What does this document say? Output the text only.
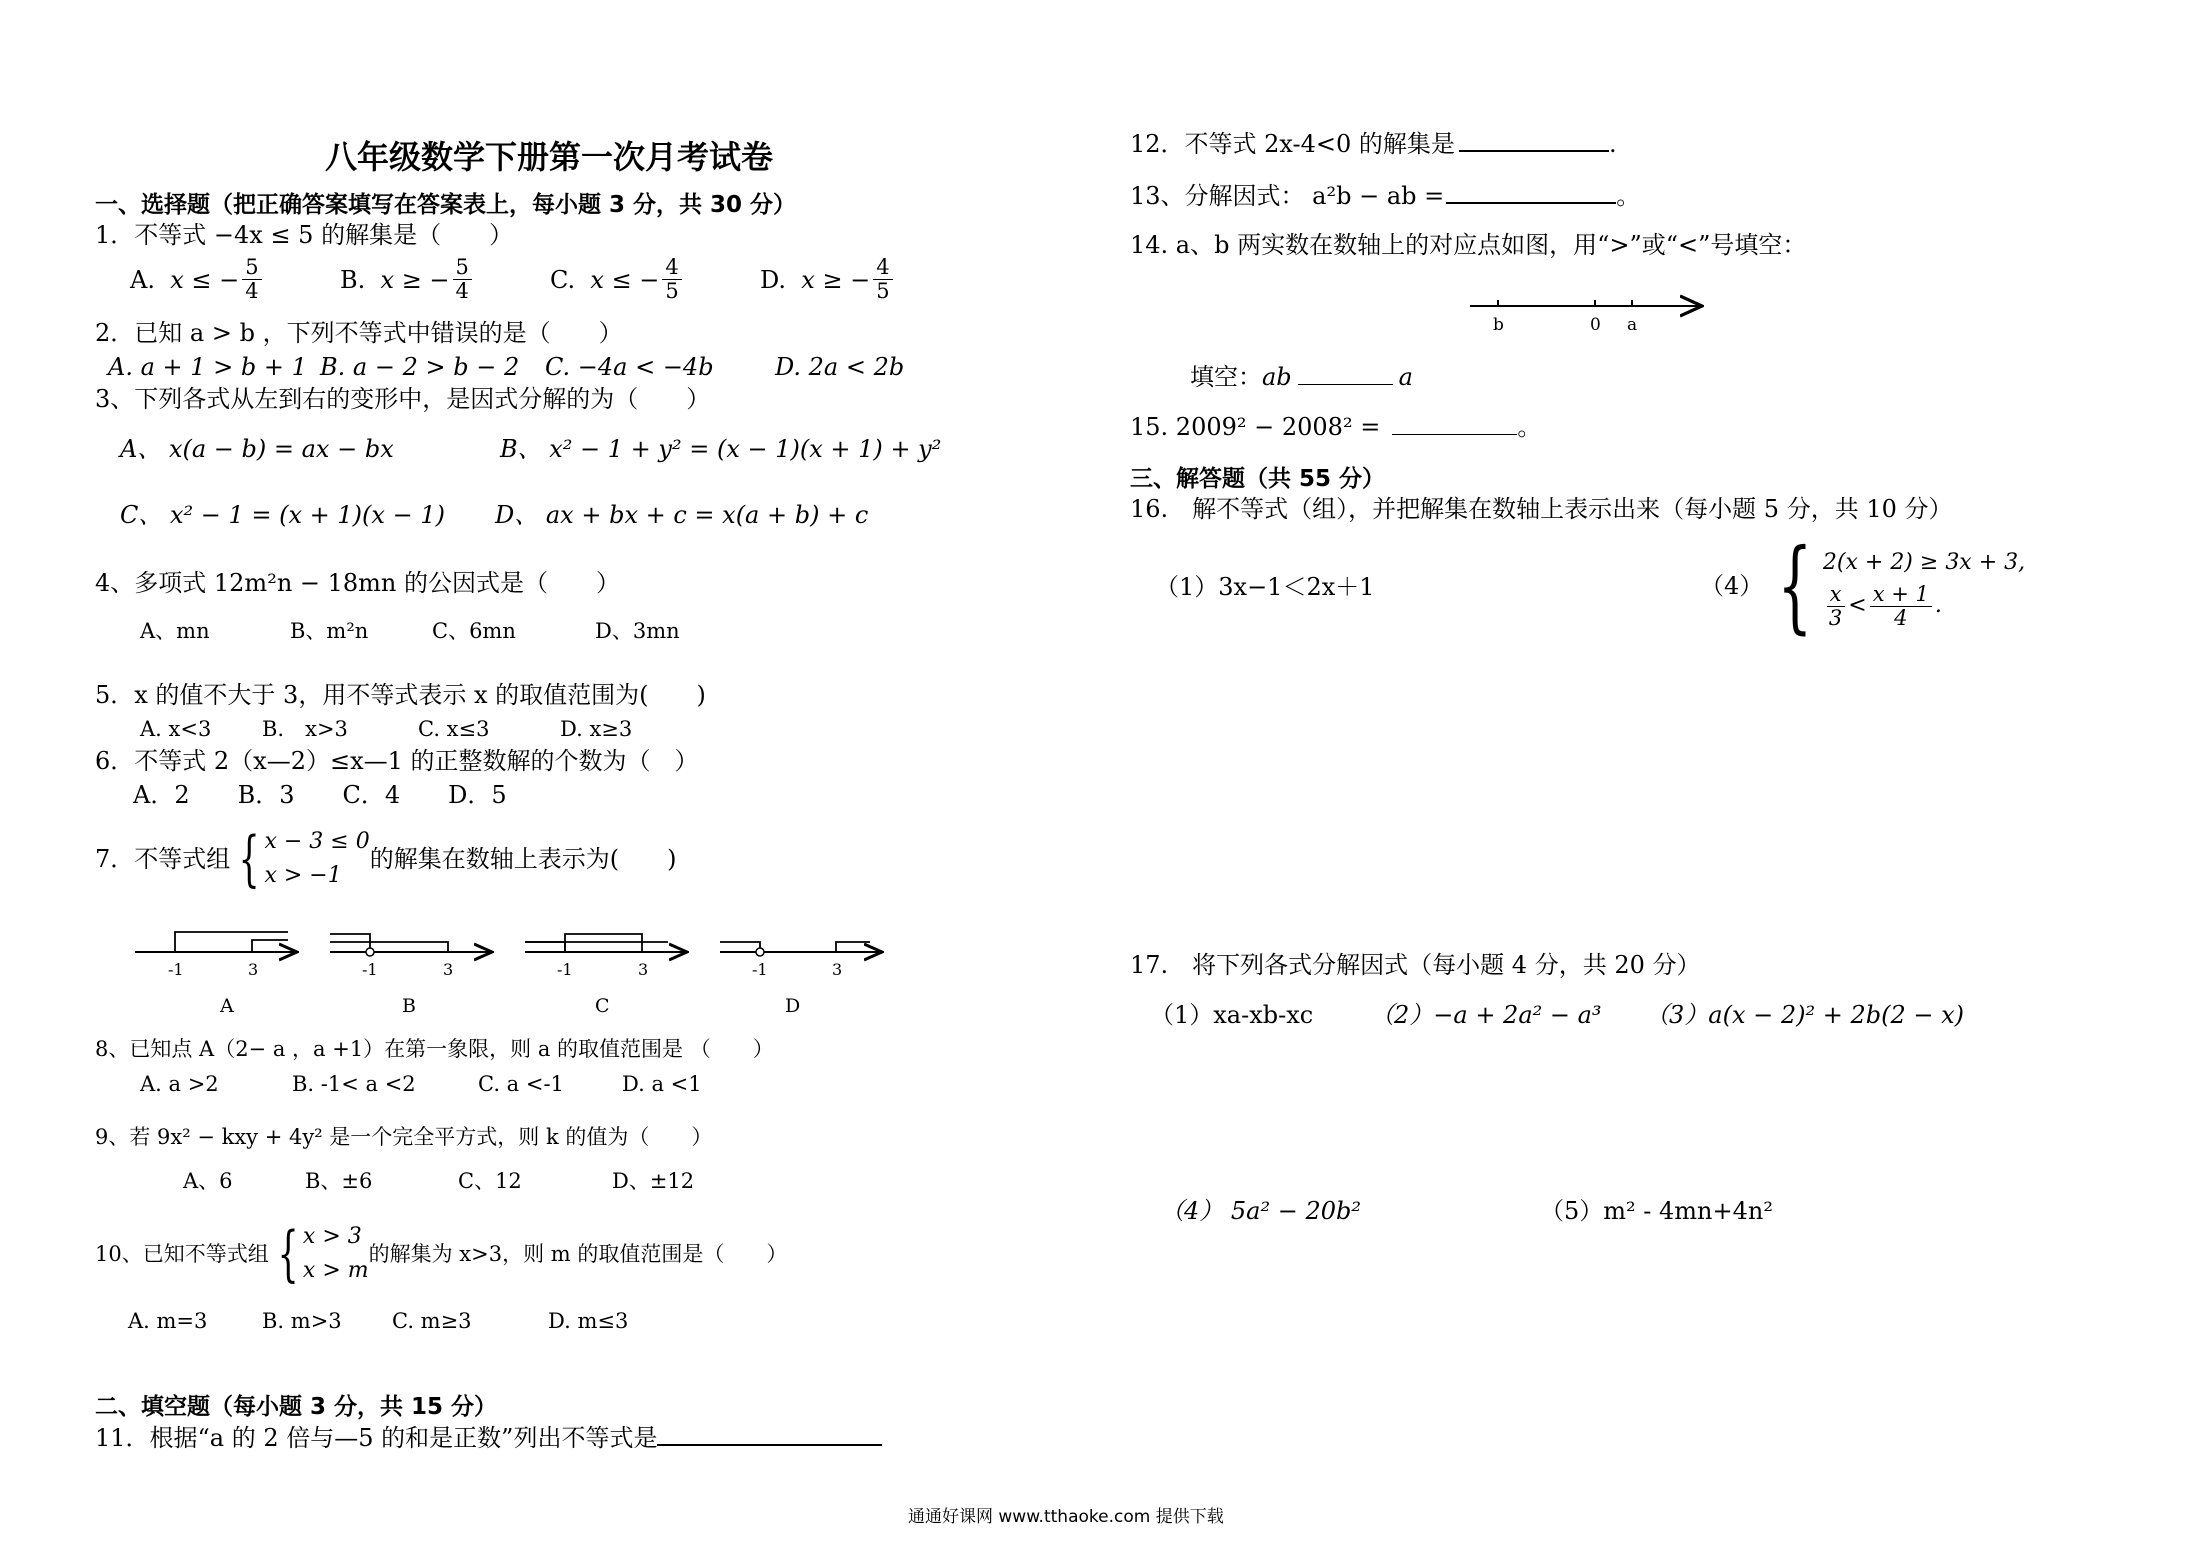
八年级数学下册第一次月考试卷
一、选择题（把正确答案填写在答案表上，每小题 3 分，共 30 分）
1．不等式 −4x ≤ 5 的解集是（　　）
A.
x ≤ − $\frac{5}{4}$	B.
x ≥ − $\frac{5}{4}$	C.
x ≤ − $\frac{4}{5}$	D.
x ≥ − $\frac{4}{5}$
2．已知 a > b ，下列不等式中错误的是（　　）
A. a + 1 > b + 1 B. a − 2 > b − 2 C. −4a < −4b	D. 2a < 2b
3、下列各式从左到右的变形中，是因式分解的为（　　）
A、 x(a − b) = ax − bx	B、 x² − 1 + y² = (x − 1)(x + 1) + y²
C、 x² − 1 = (x + 1)(x − 1) D、 ax + bx + c = x(a + b) + c
4、多项式 12m²n − 18mn 的公因式是（　　）
A、mn	B、m²n	C、6mn	D、3mn
5．x 的值不大于 3，用不等式表示 x 的取值范围为(　　)
A. x<3 B.　x>3	C. x≤3	D. x≥3
6．不等式 2（x—2）≤x—1 的正整数解的个数为（　）
A．2　　B．3　　C．4　　D．5
7．不等式组 { x − 3 ≤ 0
x > −1
的解集在数轴上表示为(　　)
-1	3
A
-1	3
B
-1	3
C
-1	3
D
8、已知点 A（2− a ，a +1）在第一象限，则 a 的取值范围是 （　　）
A. a >2	B. -1< a <2	C. a <-1	D. a <1
9、若 9x² − kxy + 4y² 是一个完全平方式，则 k 的值为（　　）
A、6	B、±6	C、12	D、±12
10、已知不等式组 { x > 3
x > m
的解集为 x>3，则 m 的取值范围是（　　）
A. m=3	B. m>3 C. m≥3	D. m≤3
二、填空题（每小题 3 分，共 15 分）
11．根据“a 的 2 倍与—5 的和是正数”列出不等式是
12．不等式 2x-4<0 的解集是	.
13、分解因式： a²b − ab =	。
14. a、b 两实数在数轴上的对应点如图，用“>”或“<”号填空：
b	0 a
填空： ab	a
15. 2009² − 2008² =	。
三、解答题（共 55 分）
16.　解不等式（组），并把解集在数轴上表示出来（每小题 5 分，共 10 分）
（1）3x−1＜2x＋1	（4） { 2(x + 2) ≥ 3x + 3,
$\frac{x}{3} < \frac{x + 1}{4}$ .
17.　将下列各式分解因式（每小题 4 分，共 20 分）
（1）xa-xb-xc （2）−a + 2a² − a³ （3）a(x − 2)² + 2b(2 − x)
（4） 5a² − 20b²	（5）m² - 4mn+4n²
通通好课网 www.tthaoke.com 提供下载
